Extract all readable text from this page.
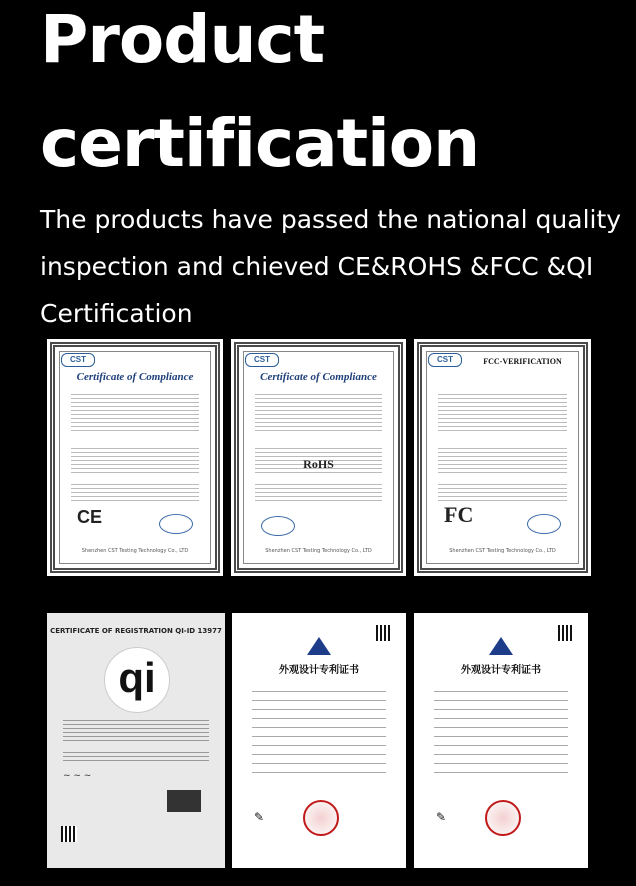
Product
certification
The products have passed the national quality
inspection and chieved CE&ROHS &FCC &QI
Certification
CST
Certificate of Compliance
CE
Shenzhen CST Testing Technology Co., LTD
CST
Certificate of Compliance
RoHS
Shenzhen CST Testing Technology Co., LTD
CST	FCC-VERIFICATION
FC
Shenzhen CST Testing Technology Co., LTD
CERTIFICATE OF REGISTRATION QI-ID 13977
qi
~ ~ ~
外观设计专利证书
✎
外观设计专利证书
✎
